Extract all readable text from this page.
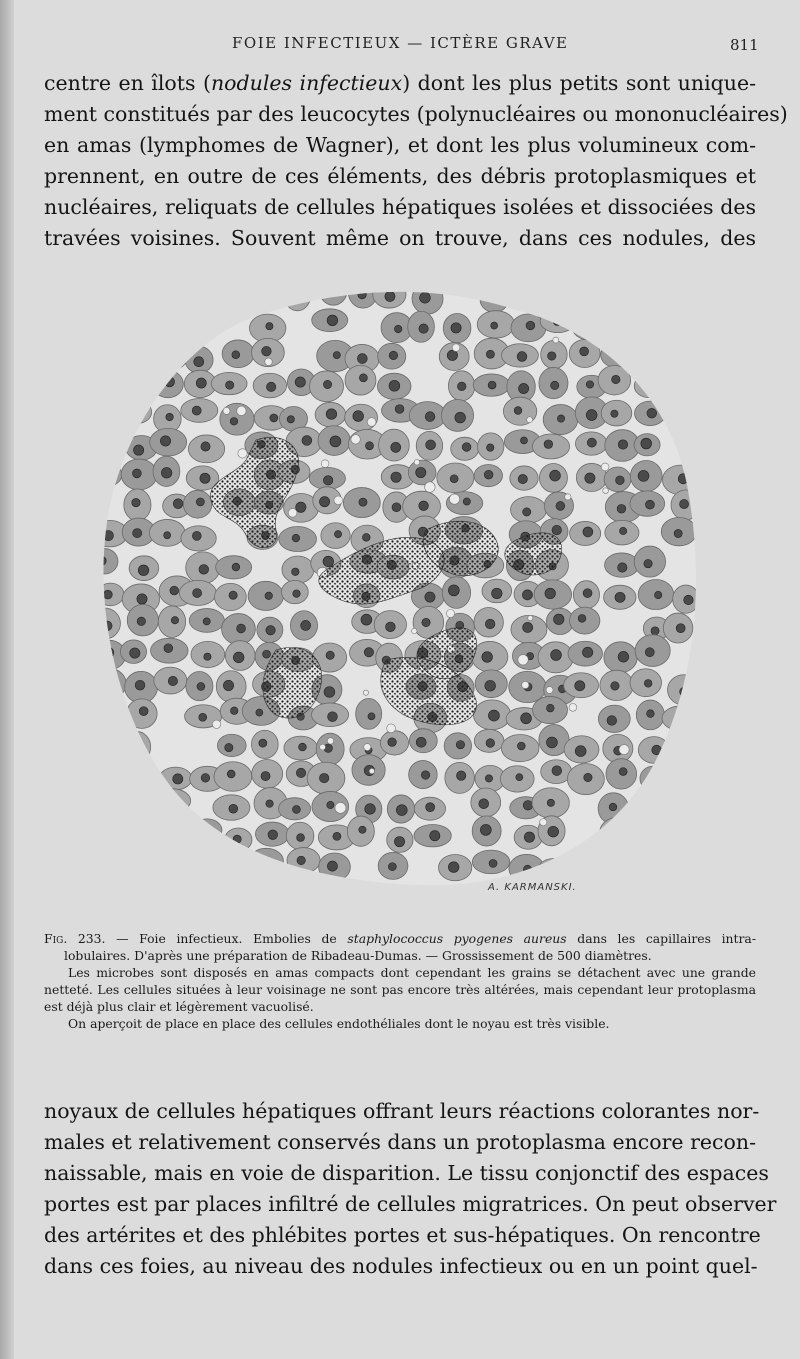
FOIE INFECTIEUX — ICTÈRE GRAVE	811
centre en îlots (nodules infectieux) dont les plus petits sont unique-
ment constitués par des leucocytes (polynucléaires ou mononucléaires)
en amas (lymphomes de Wagner), et dont les plus volumineux com-
prennent, en outre de ces éléments, des débris protoplasmiques et
nucléaires, reliquats de cellules hépatiques isolées et dissociées des
travées voisines. Souvent même on trouve, dans ces nodules, des
A. KARMANSKI.

Fig. 233. — Foie infectieux. Embolies de staphylococcus pyogenes aureus dans les capillaires intra-

lobulaires. D'après une préparation de Ribadeau-Dumas. — Grossissement de 500 diamètres.

Les microbes sont disposés en amas compacts dont cependant les grains se détachent avec une grande netteté. Les cellules situées à leur voisinage ne sont pas encore très altérées, mais cependant leur protoplasma est déjà plus clair et légèrement vacuolisé.

On aperçoit de place en place des cellules endothéliales dont le noyau est très visible.

noyaux de cellules hépatiques offrant leurs réactions colorantes nor-
males et relativement conservés dans un protoplasma encore recon-
naissable, mais en voie de disparition. Le tissu conjonctif des espaces
portes est par places infiltré de cellules migratrices. On peut observer
des artérites et des phlébites portes et sus-hépatiques. On rencontre
dans ces foies, au niveau des nodules infectieux ou en un point quel-
